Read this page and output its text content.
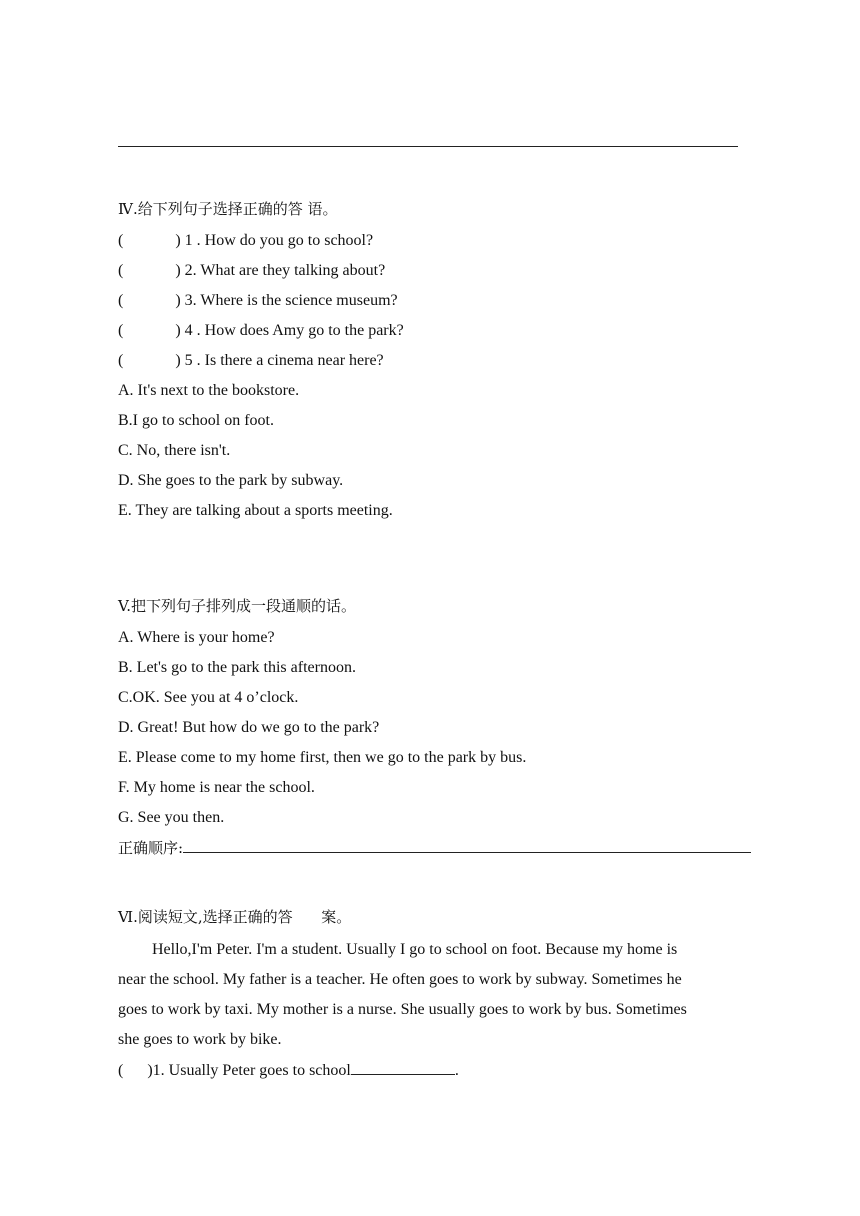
Ⅳ.给下列句子选择正确的答 语。
(	) 1 . How do you go to school?
(	) 2. What are they talking about?
(	) 3. Where is the science museum?
(	) 4 . How does Amy go to the park?
(	) 5 . Is there a cinema near here?
A. It's next to the bookstore.
B.I go to school on foot.
C. No, there isn't.
D. She goes to the park by subway.
E. They are talking about a sports meeting.
V.把下列句子排列成一段通顺的话。
A. Where is your home?
B. Let's go to the park this afternoon.
C.OK. See you at 4 o’clock.
D. Great! But how do we go to the park?
E. Please come to my home first, then we go to the park by bus.
F. My home is near the school.
G. See you then.
正确顺序:
Ⅵ.阅读短文,选择正确的答      案。
Hello,I'm Peter. I'm a student. Usually I go to school on foot. Because my home is
near the school. My father is a teacher. He often goes to work by subway. Sometimes he
goes to work by taxi. My mother is a nurse. She usually goes to work by bus. Sometimes
she goes to work by bike.
( )1. Usually Peter goes to school	.
